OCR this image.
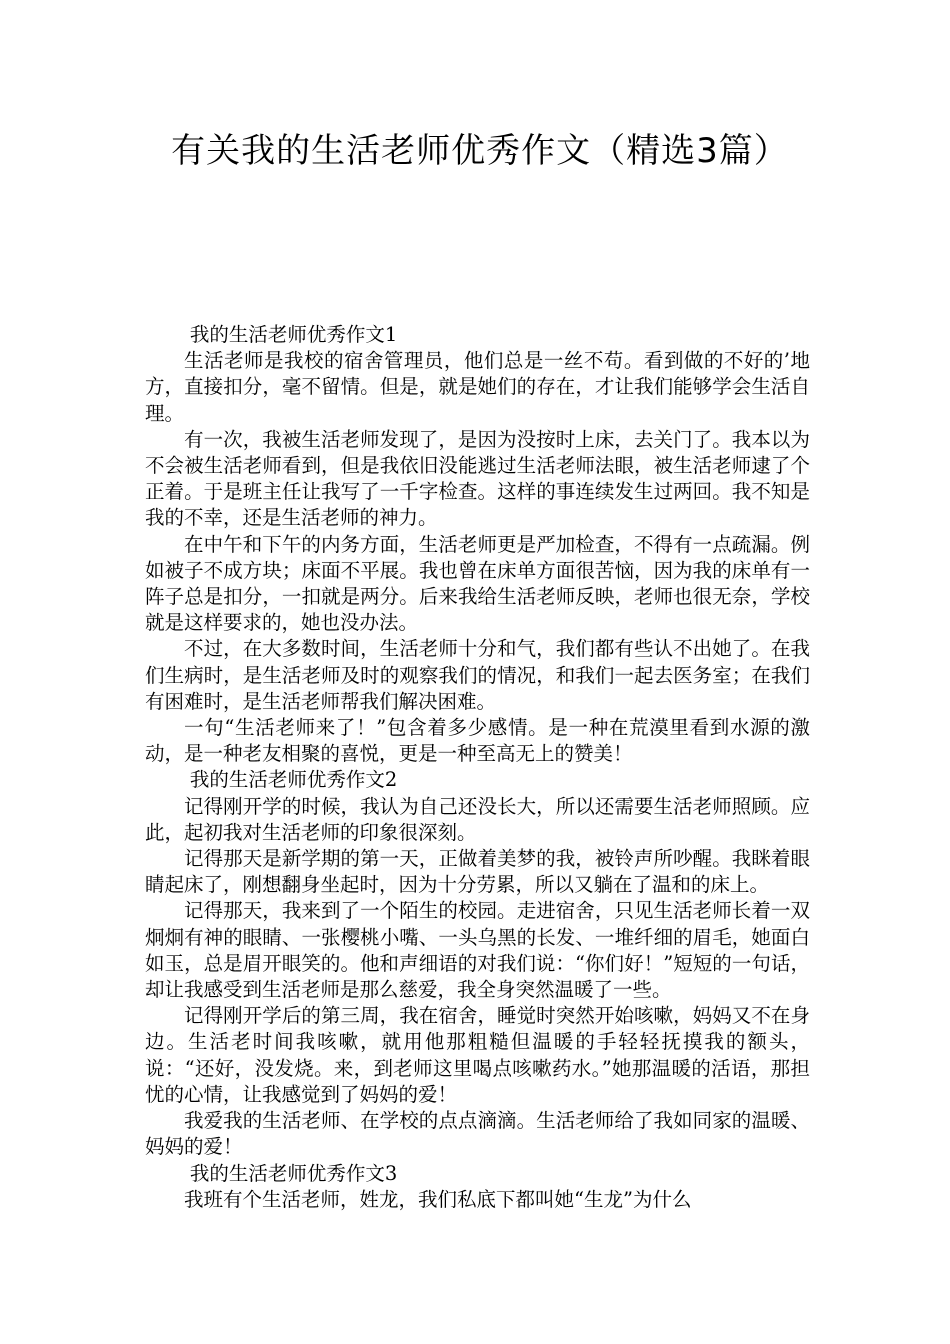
有关我的生活老师优秀作文（精选3篇）

我的生活老师优秀作文1

生活老师是我校的宿舍管理员，他们总是一丝不苟。看到做的不好的’地方，直接扣分，毫不留情。但是，就是她们的存在，才让我们能够学会生活自理。

有一次，我被生活老师发现了，是因为没按时上床，去关门了。我本以为不会被生活老师看到，但是我依旧没能逃过生活老师法眼，被生活老师逮了个正着。于是班主任让我写了一千字检查。这样的事连续发生过两回。我不知是我的不幸，还是生活老师的神力。

在中午和下午的内务方面，生活老师更是严加检查，不得有一点疏漏。例如被子不成方块；床面不平展。我也曾在床单方面很苦恼，因为我的床单有一阵子总是扣分，一扣就是两分。后来我给生活老师反映，老师也很无奈，学校就是这样要求的，她也没办法。

不过，在大多数时间，生活老师十分和气，我们都有些认不出她了。在我们生病时，是生活老师及时的观察我们的情况，和我们一起去医务室；在我们有困难时，是生活老师帮我们解决困难。

一句“生活老师来了！”包含着多少感情。是一种在荒漠里看到水源的激动，是一种老友相聚的喜悦，更是一种至高无上的赞美！

我的生活老师优秀作文2

记得刚开学的时候，我认为自己还没长大，所以还需要生活老师照顾。应此，起初我对生活老师的印象很深刻。

记得那天是新学期的第一天，正做着美梦的我，被铃声所吵醒。我眯着眼睛起床了，刚想翻身坐起时，因为十分劳累，所以又躺在了温和的床上。

记得那天，我来到了一个陌生的校园。走进宿舍，只见生活老师长着一双炯炯有神的眼睛、一张樱桃小嘴、一头乌黑的长发、一堆纤细的眉毛，她面白如玉，总是眉开眼笑的。他和声细语的对我们说：“你们好！”短短的一句话，却让我感受到生活老师是那么慈爱，我全身突然温暖了一些。

记得刚开学后的第三周，我在宿舍，睡觉时突然开始咳嗽，妈妈又不在身边。生活老时间我咳嗽，就用他那粗糙但温暖的手轻轻抚摸我的额头，说：“还好，没发烧。来，到老师这里喝点咳嗽药水。”她那温暖的活语，那担忧的心情，让我感觉到了妈妈的爱！

我爱我的生活老师、在学校的点点滴滴。生活老师给了我如同家的温暖、妈妈的爱！

我的生活老师优秀作文3

我班有个生活老师，姓龙，我们私底下都叫她“生龙”为什么
